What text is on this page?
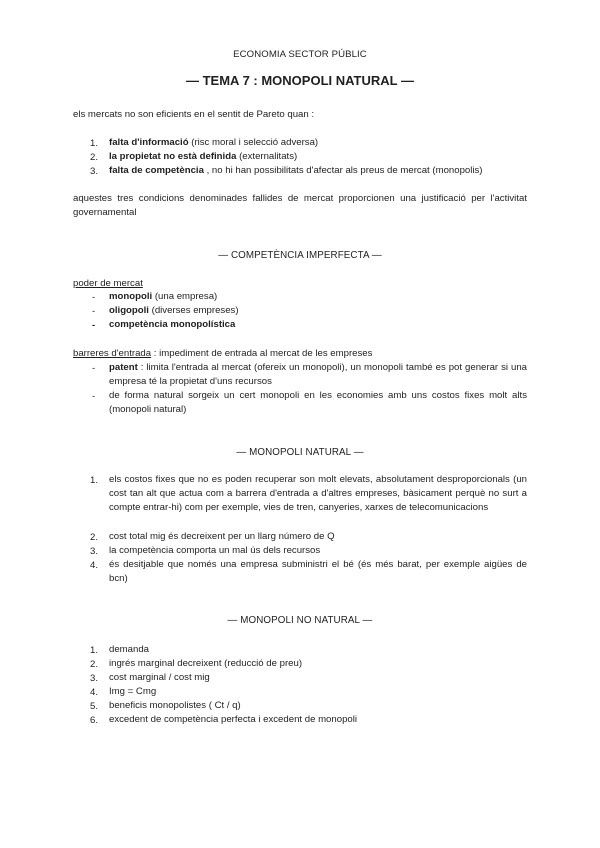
ECONOMIA SECTOR PÚBLIC
— TEMA 7 : MONOPOLI NATURAL —
els mercats no son eficients en el sentit de Pareto quan :
1. falta d'informació (risc moral i selecció adversa)
2. la propietat no està definida (externalitats)
3. falta de competència , no hi han possibilitats d'afectar als preus de mercat (monopolis)
aquestes tres condicions denominades fallides de mercat proporcionen una justificació per l'activitat governamental
— COMPETÈNCIA IMPERFECTA —
poder de mercat
- monopoli (una empresa)
- oligopoli (diverses empreses)
- competència monopolística
barreres d'entrada : impediment de entrada al mercat de les empreses
- patent : limita l'entrada al mercat (ofereix un monopoli), un monopoli també es pot generar si una empresa té la propietat d'uns recursos
- de forma natural sorgeix un cert monopoli en les economies amb uns costos fixes molt alts (monopoli natural)
— MONOPOLI NATURAL —
1. els costos fixes que no es poden recuperar son molt elevats, absolutament desproporcionals (un cost tan alt que actua com a barrera d'entrada a d'altres empreses, bàsicament perquè no surt a compte entrar-hi) com per exemple, vies de tren, canyeries, xarxes de telecomunicacions
2. cost total mig és decreixent per un llarg número de Q
3. la competència comporta un mal ús dels recursos
4. és desitjable que només una empresa subministri el bé (és més barat, per exemple aigües de bcn)
— MONOPOLI NO NATURAL —
1. demanda
2. ingrés marginal decreixent (reducció de preu)
3. cost marginal / cost mig
4. Img = Cmg
5. beneficis monopolistes ( Ct / q)
6. excedent de competència perfecta i excedent de monopoli
